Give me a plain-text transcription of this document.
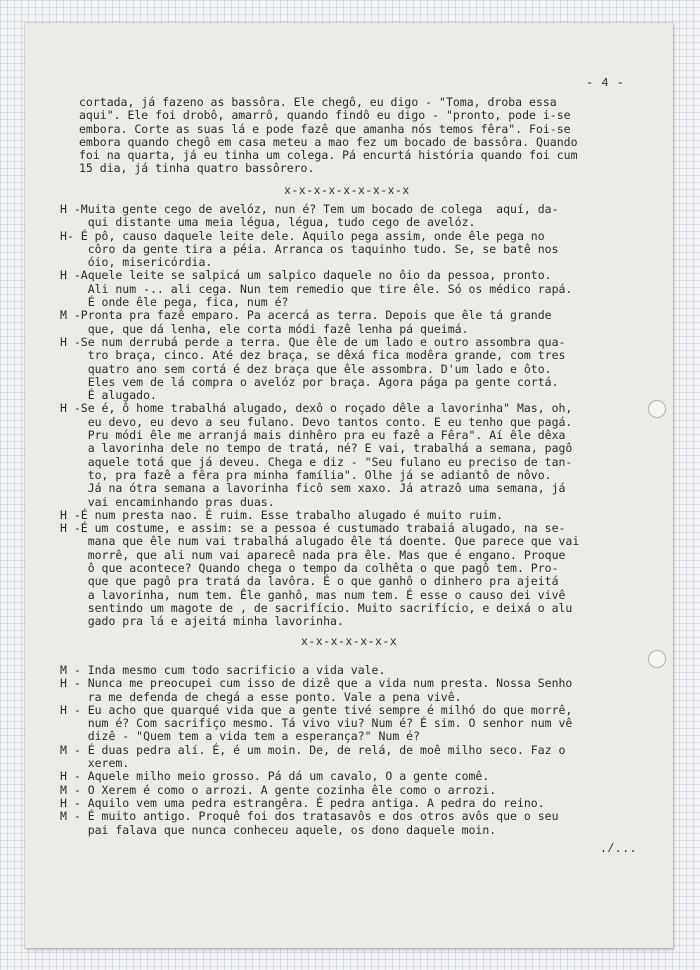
- 4 -
cortada, já fazeno as bassôra. Ele chegô, eu digo - "Toma, droba essa
aqui". Ele foi drobô, amarrô, quando findô eu digo - "pronto, pode i-se
embora. Corte as suas lá e pode fazê que amanha nós temos fêra". Foi-se
embora quando chegô em casa meteu a mao fez um bocado de bassôra. Quando
foi na quarta, já eu tinha um colega. Pá encurtá história quando foi cum
15 dia, já tinha quatro bassôrero.
x-x-x-x-x-x-x-x-x
H -Muita gente cego de avelóz, nun é? Tem um bocado de colega  aquí, da-
qui distante uma meia légua, légua, tudo cego de avelóz.
H- É pô, causo daquele leite dele. Aquilo pega assim, onde êle pega no
côro da gente tira a péia. Arranca os taquinho tudo. Se, se batê nos
óio, misericórdia.
H -Aquele leite se salpicá um salpico daquele no ôio da pessoa, pronto.
Ali num -.. ali cega. Nun tem remedio que tire êle. Só os médico rapá.
É onde êle pega, fica, num é?
M -Pronta pra fazê emparo. Pa acercá as terra. Depois que êle tá grande
que, que dá lenha, ele corta módi fazê lenha pá queimá.
H -Se num derrubá perde a terra. Que êle de um lado e outro assombra qua-
tro braça, cinco. Até dez braça, se dêxá fica modêra grande, com tres
quatro ano sem cortá é dez braça que êle assombra. D'um lado e ôto.
Eles vem de lá compra o avelóz por braça. Agora pága pa gente cortá.
É alugado.
H -Se é, ô home trabalhá alugado, dexô o roçado dêle a lavorinha" Mas, oh,
eu devo, eu devo a seu fulano. Devo tantos conto. E eu tenho que pagá.
Pru módi êle me arranjá mais dinhêro pra eu fazê a Fêra". Aí êle dêxa
a lavorinha dele no tempo de tratá, né? E vai, trabalhá a semana, pagô
aquele totá que já deveu. Chega e diz - "Seu fulano eu preciso de tan-
to, pra fazê a fêra pra minha família". Olhe já se adiantô de nôvo.
Já na ótra semana a lavorinha ficô sem xaxo. Já atrazô uma semana, já
vai encaminhando pras duas.
H -É num presta nao. É ruim. Esse trabalho alugado é muito ruim.
H -É um costume, e assim: se a pessoa é custumado trabaiá alugado, na se-
mana que êle num vai trabalhá alugado êle tá doente. Que parece que vai
morrê, que ali num vai aparecê nada pra êle. Mas que é engano. Proque
ô que acontece? Quando chega o tempo da colhêta o que pagô tem. Pro-
que que pagô pra tratá da lavôra. É o que ganhô o dinhero pra ajeitá
a lavorinha, num tem. Êle ganhô, mas num tem. É esse o causo dei vivê
sentindo um magote de , de sacrifício. Muito sacrifício, e deixá o alu
gado pra lá e ajeitá minha lavorinha.
x-x-x-x-x-x-x
M - Inda mesmo cum todo sacrificio a vida vale.
H - Nunca me preocupei cum isso de dizê que a vida num presta. Nossa Senho
ra me defenda de chegá a esse ponto. Vale a pena vivê.
H - Eu acho que quarqué vida que a gente tivé sempre é milhó do que morrê,
num é? Com sacrifiço mesmo. Tá vivo viu? Num é? É sim. O senhor num vê
dizê - "Quem tem a vida tem a esperança?" Num é?
M - É duas pedra alí. É, é um moin. De, de relá, de moê milho seco. Faz o
xerem.
H - Aquele milho meio grosso. Pá dá um cavalo, O a gente comê.
M - O Xerem é como o arrozi. A gente cozinha êle como o arrozi.
H - Aquilo vem uma pedra estrangêra. É pedra antiga. A pedra do reino.
M - É muito antigo. Proquê foi dos tratasavôs e dos otros avôs que o seu
pai falava que nunca conheceu aquele, os dono daquele moin.
./...
